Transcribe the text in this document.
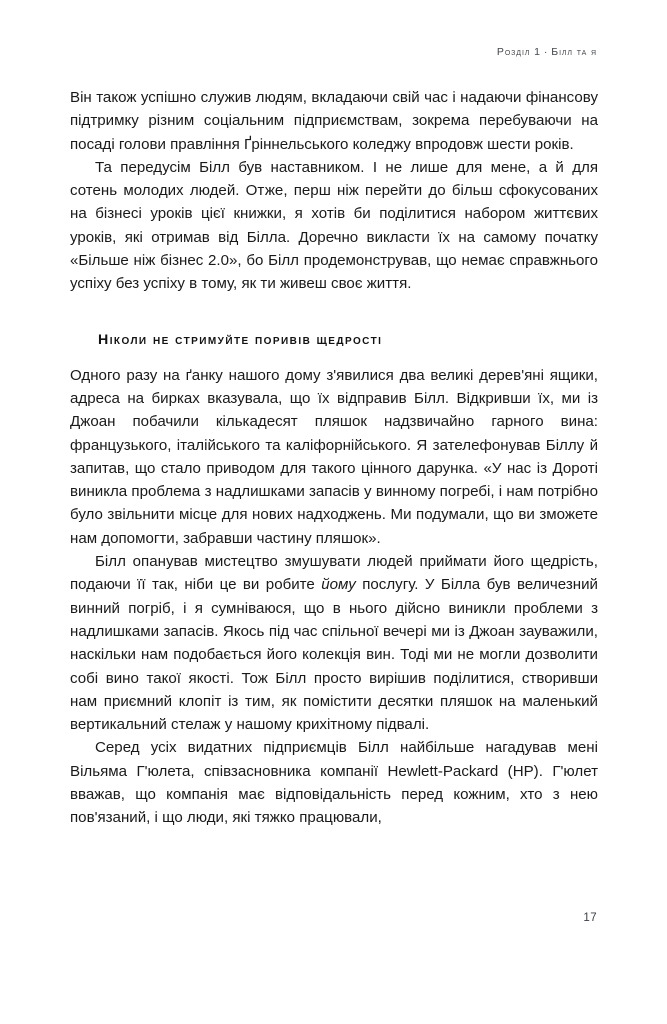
Розділ 1 · Білл та я

Він також успішно служив людям, вкладаючи свій час і надаючи фінансову підтримку різним соціальним підприємствам, зокрема перебуваючи на посаді голови правління Ґріннельського коледжу впродовж шести років.

Та передусім Білл був наставником. І не лише для мене, а й для сотень молодих людей. Отже, перш ніж перейти до більш сфокусованих на бізнесі уроків цієї книжки, я хотів би поділитися набором життєвих уроків, які отримав від Білла. Доречно викласти їх на самому початку «Більше ніж бізнес 2.0», бо Білл продемонстрував, що немає справжнього успіху без успіху в тому, як ти живеш своє життя.

Ніколи не стримуйте поривів щедрості

Одного разу на ґанку нашого дому з'явилися два великі дерев'яні ящики, адреса на бирках вказувала, що їх відправив Білл. Відкривши їх, ми із Джоан побачили кількадесят пляшок надзвичайно гарного вина: французького, італійського та каліфорнійського. Я зателефонував Біллу й запитав, що стало приводом для такого цінного дарунка. «У нас із Дороті виникла проблема з надлишками запасів у винному погребі, і нам потрібно було звільнити місце для нових надходжень. Ми подумали, що ви зможете нам допомогти, забравши частину пляшок».

Білл опанував мистецтво змушувати людей приймати його щедрість, подаючи її так, ніби це ви робите йому послугу. У Білла був величезний винний погріб, і я сумніваюся, що в нього дійсно виникли проблеми з надлишками запасів. Якось під час спільної вечері ми із Джоан зауважили, наскільки нам подобається його колекція вин. Тоді ми не могли дозволити собі вино такої якості. Тож Білл просто вирішив поділитися, створивши нам приємний клопіт із тим, як помістити десятки пляшок на маленький вертикальний стелаж у нашому крихітному підвалі.

Серед усіх видатних підприємців Білл найбільше нагадував мені Вільяма Г'юлета, співзасновника компанії Hewlett-Packard (HP). Г'юлет вважав, що компанія має відповідальність перед кожним, хто з нею пов'язаний, і що люди, які тяжко працювали,

17
